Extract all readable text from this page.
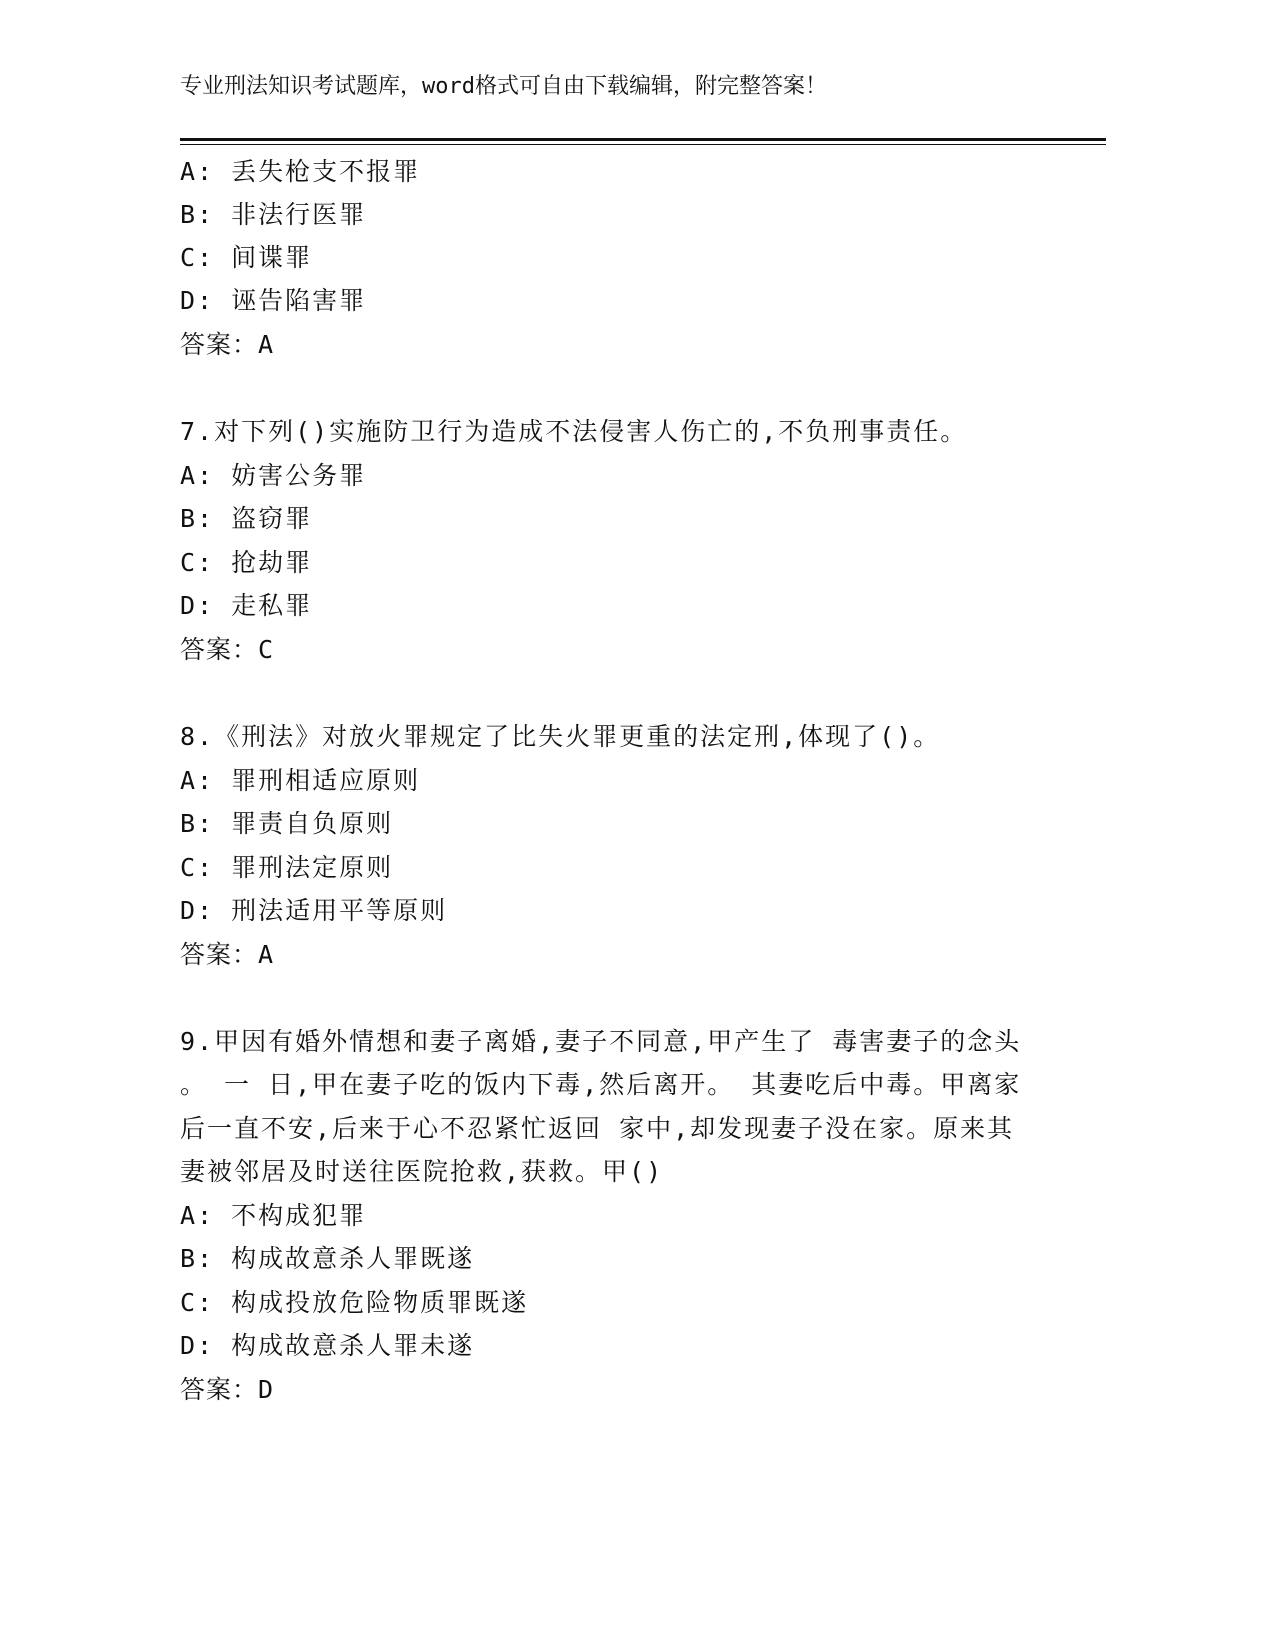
专业刑法知识考试题库，word格式可自由下载编辑，附完整答案！
A: 丢失枪支不报罪
B: 非法行医罪
C: 间谍罪
D: 诬告陷害罪
答案：A
7.对下列()实施防卫行为造成不法侵害人伤亡的,不负刑事责任。
A: 妨害公务罪
B: 盗窃罪
C: 抢劫罪
D: 走私罪
答案：C
8.《刑法》对放火罪规定了比失火罪更重的法定刑,体现了()。
A: 罪刑相适应原则
B: 罪责自负原则
C: 罪刑法定原则
D: 刑法适用平等原则
答案：A
9.甲因有婚外情想和妻子离婚,妻子不同意,甲产生了 毒害妻子的念头
。 一 日,甲在妻子吃的饭内下毒,然后离开。 其妻吃后中毒。甲离家
后一直不安,后来于心不忍紧忙返回 家中,却发现妻子没在家。原来其
妻被邻居及时送往医院抢救,获救。甲()
A: 不构成犯罪
B: 构成故意杀人罪既遂
C: 构成投放危险物质罪既遂
D: 构成故意杀人罪未遂
答案：D
